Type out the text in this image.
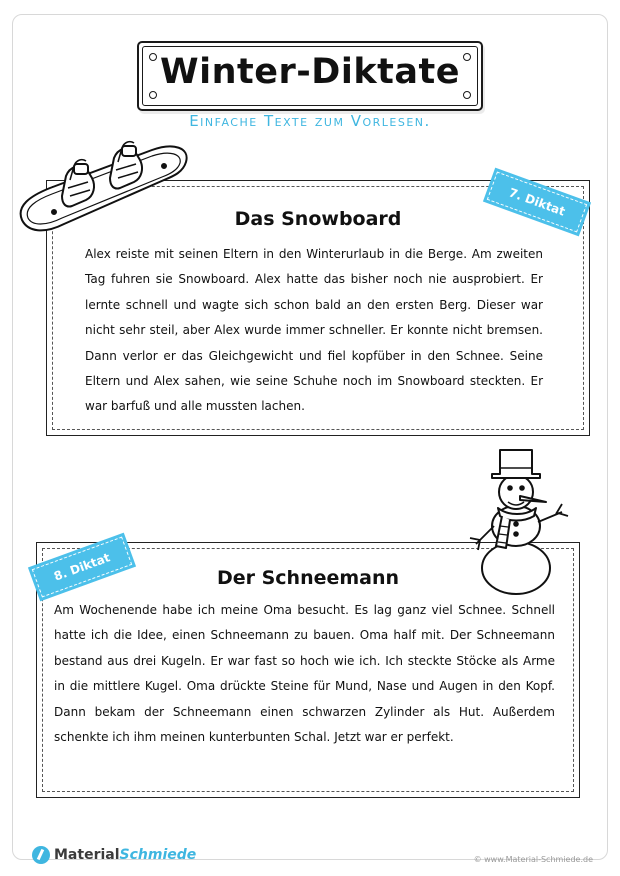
Winter-Diktate
Einfache Texte zum Vorlesen.
Das Snowboard

Alex reiste mit seinen Eltern in den Winterurlaub in die Berge. Am zweiten Tag fuhren sie Snowboard. Alex hatte das bisher noch nie ausprobiert. Er lernte schnell und wagte sich schon bald an den ersten Berg. Dieser war nicht sehr steil, aber Alex wurde immer schneller. Er konnte nicht bremsen. Dann verlor er das Gleichgewicht und fiel kopfüber in den Schnee. Seine Eltern und Alex sahen, wie seine Schuhe noch im Snowboard steckten. Er war barfuß und alle mussten lachen.

7. Diktat
Der Schneemann

Am Wochenende habe ich meine Oma besucht. Es lag ganz viel Schnee. Schnell hatte ich die Idee, einen Schneemann zu bauen. Oma half mit. Der Schneemann bestand aus drei Kugeln. Er war fast so hoch wie ich. Ich steckte Stöcke als Arme in die mittlere Kugel. Oma drückte Steine für Mund, Nase und Augen in den Kopf. Dann bekam der Schneemann einen schwarzen Zylinder als Hut. Außerdem schenkte ich ihm meinen kunterbunten Schal. Jetzt war er perfekt.

8. Diktat
Material Schmiede	© www.Material-Schmiede.de
